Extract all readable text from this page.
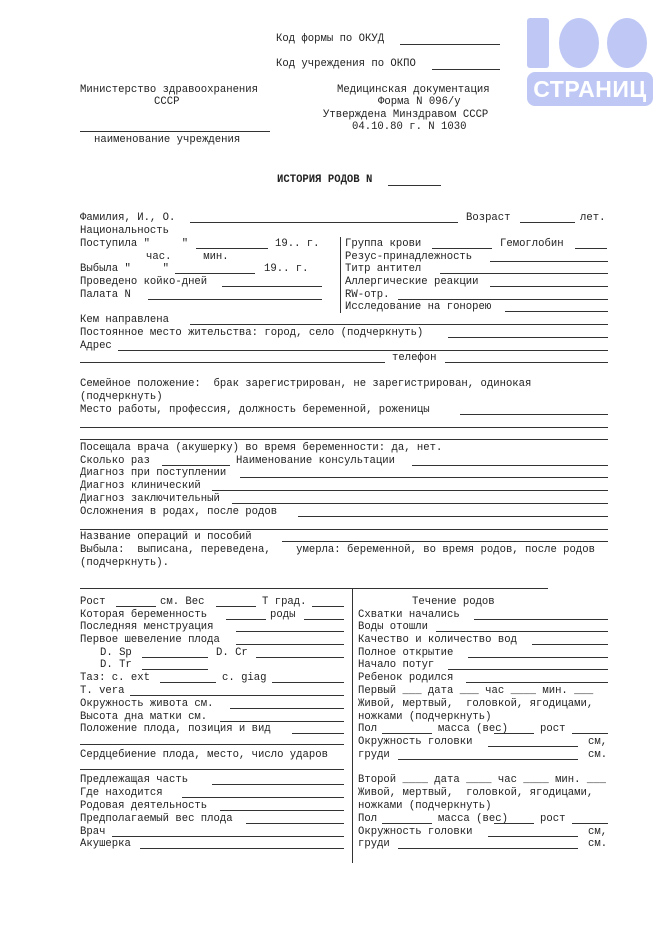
СТРАНИЦ
Код формы по ОКУД
Код учреждения по ОКПО
Министерство здравоохранения
СССР
Медицинская документация
Форма N 096/у
Утверждена Минздравом СССР
04.10.80 г. N 1030
наименование учреждения
ИСТОРИЯ РОДОВ N
Фамилия, И., О.	Возраст	лет.
Национальность
Поступила "     "	19.. г.
час.     мин.
Выбыла "     "	19.. г.
Проведено койко-дней
Палата N
Группа крови	Гемоглобин
Резус-принадлежность
Титр антител
Аллергические реакции
RW-отр.
Исследование на гонорею
Кем направлена
Постоянное место жительства: город, село (подчеркнуть)
Адрес
телефон
Семейное положение:  брак зарегистрирован, не зарегистрирован, одинокая
(подчеркнуть)
Место работы, профессия, должность беременной, роженицы
Посещала врача (акушерку) во время беременности: да, нет.
Сколько раз	Наименование консультации
Диагноз при поступлении
Диагноз клинический
Диагноз заключительный
Осложнения в родах, после родов
Название операций и пособий
Выбыла:  выписана, переведена,    умерла: беременной, во время родов, после родов
(подчеркнуть).
Рост	см. Вес	Т град.
Которая беременность	роды
Последняя менструация
Первое шевеление плода
D. Sp	D. Cr
D. Tr
Таз: c. ext	c. giag
T. vera
Окружность живота см.
Высота дна матки см.
Положение плода, позиция и вид
Сердцебиение плода, место, число ударов
Предлежащая часть
Где находится
Родовая деятельность
Предполагаемый вес плода
Врач
Акушерка
Течение родов
Схватки начались
Воды отошли
Качество и количество вод
Полное открытие
Начало потуг
Ребенок родился
Первый ___ дата ___ час ____ мин. ___
Живой, мертвый,  головкой, ягодицами,
ножками (подчеркнуть)
Пол	масса (вес)	рост
Окружность головки	см,
груди	см.
Второй ____ дата ____ час ____ мин. ___
Живой, мертвый,  головкой, ягодицами,
ножками (подчеркнуть)
Пол	масса (вес)	рост
Окружность головки	см,
груди	см.
